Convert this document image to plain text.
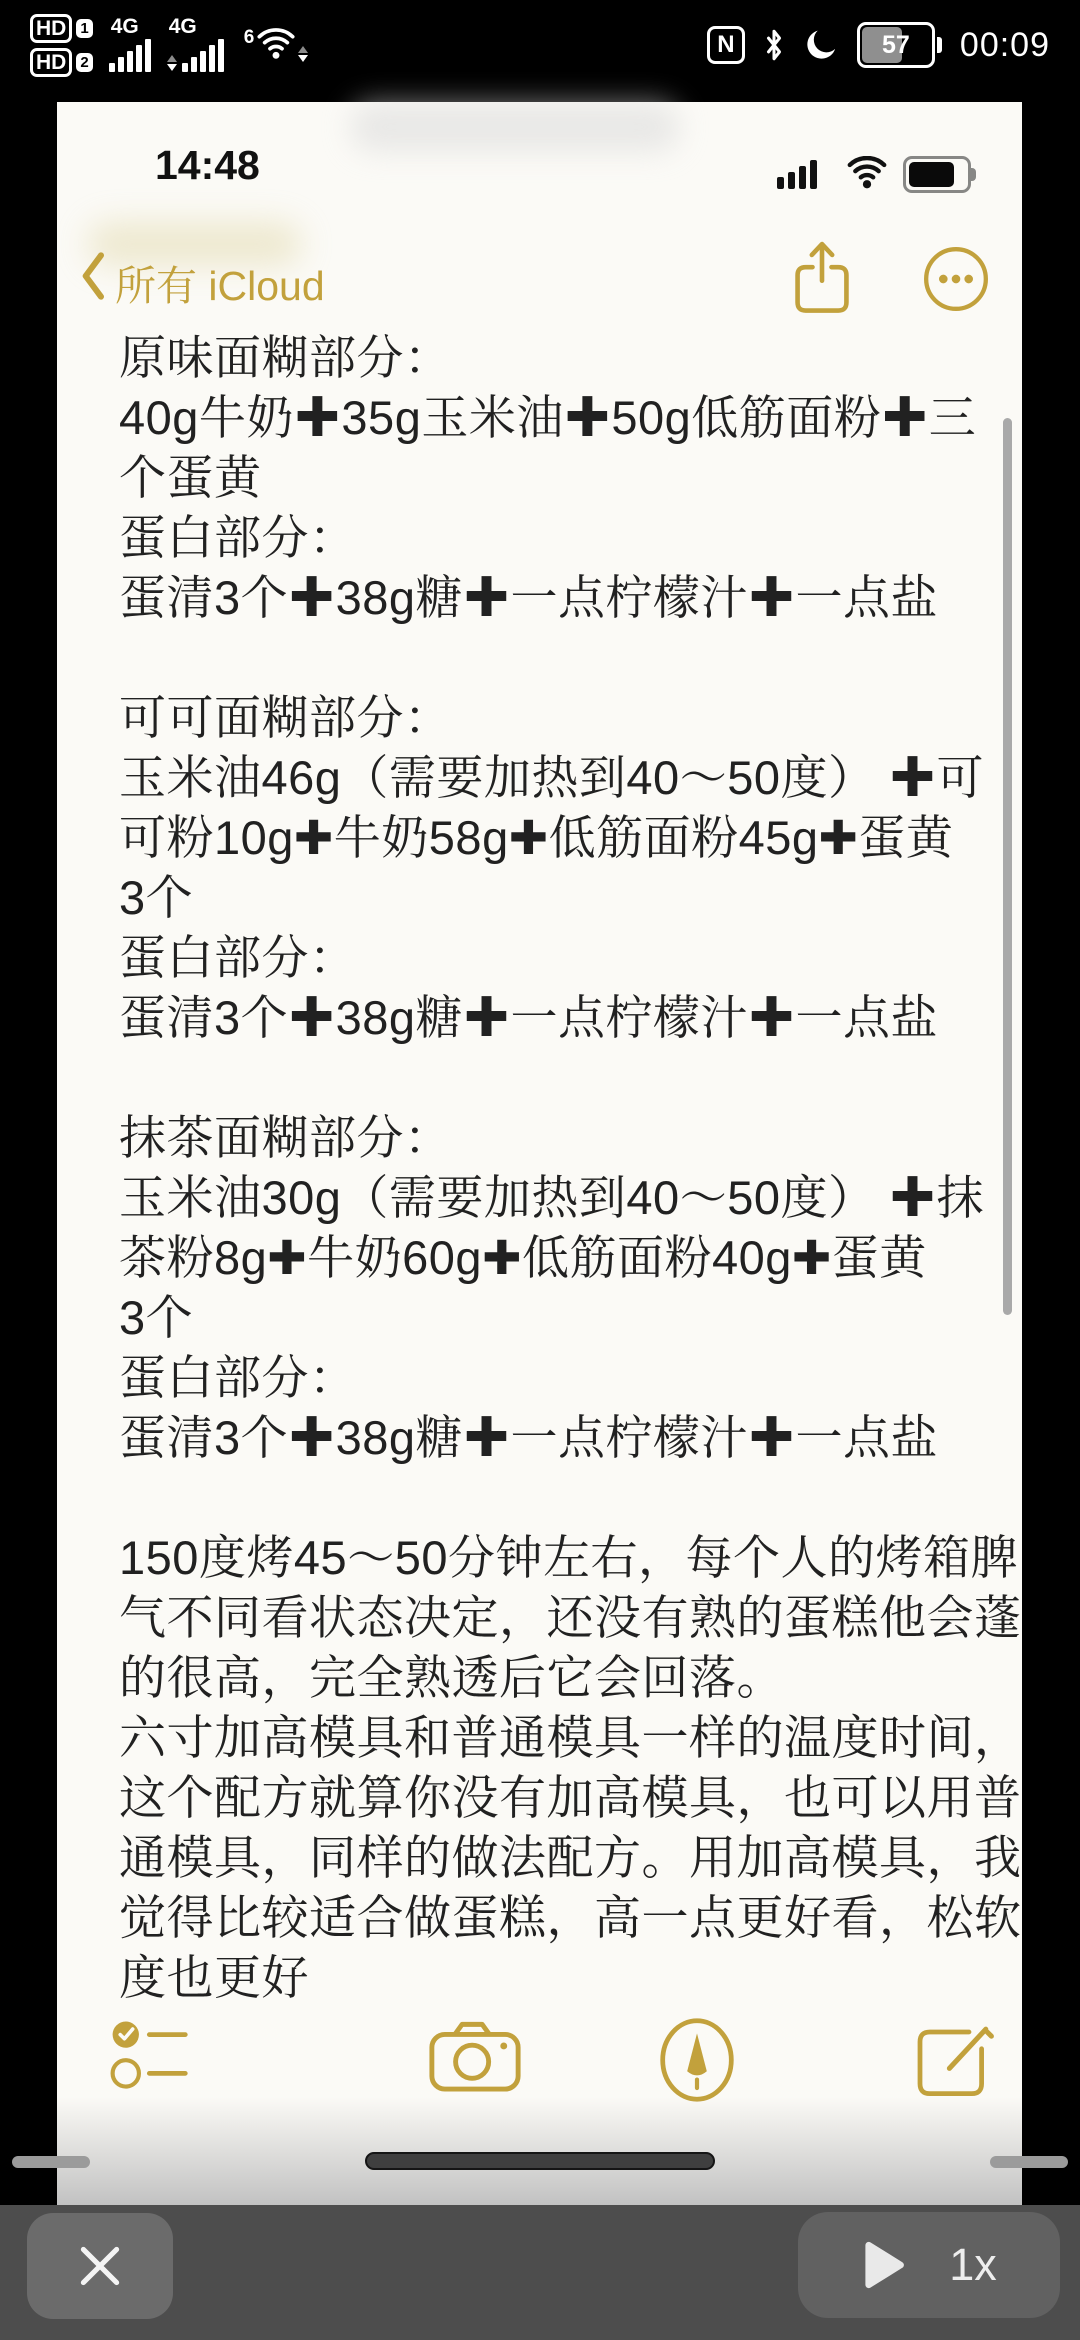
HD 1
HD 2
4G 4G 6	N	57 00:09
14:48
所有 iCloud
原味面糊部分：
40g牛奶✚35g玉米油✚50g低筋面粉✚三
个蛋黄
蛋白部分：
蛋清3个✚38g糖✚一点柠檬汁✚一点盐
可可面糊部分：
玉米油46g（需要加热到40～50度） ✚可
可粉10g✚牛奶58g✚低筋面粉45g✚蛋黄
3个
蛋白部分：
蛋清3个✚38g糖✚一点柠檬汁✚一点盐
抹茶面糊部分：
玉米油30g（需要加热到40～50度） ✚抹
茶粉8g✚牛奶60g✚低筋面粉40g✚蛋黄
3个
蛋白部分：
蛋清3个✚38g糖✚一点柠檬汁✚一点盐
150度烤45～50分钟左右，每个人的烤箱脾
气不同看状态决定，还没有熟的蛋糕他会蓬
的很高，完全熟透后它会回落。
六寸加高模具和普通模具一样的温度时间，
这个配方就算你没有加高模具，也可以用普
通模具，同样的做法配方。用加高模具，我
觉得比较适合做蛋糕，高一点更好看，松软
度也更好
1x
